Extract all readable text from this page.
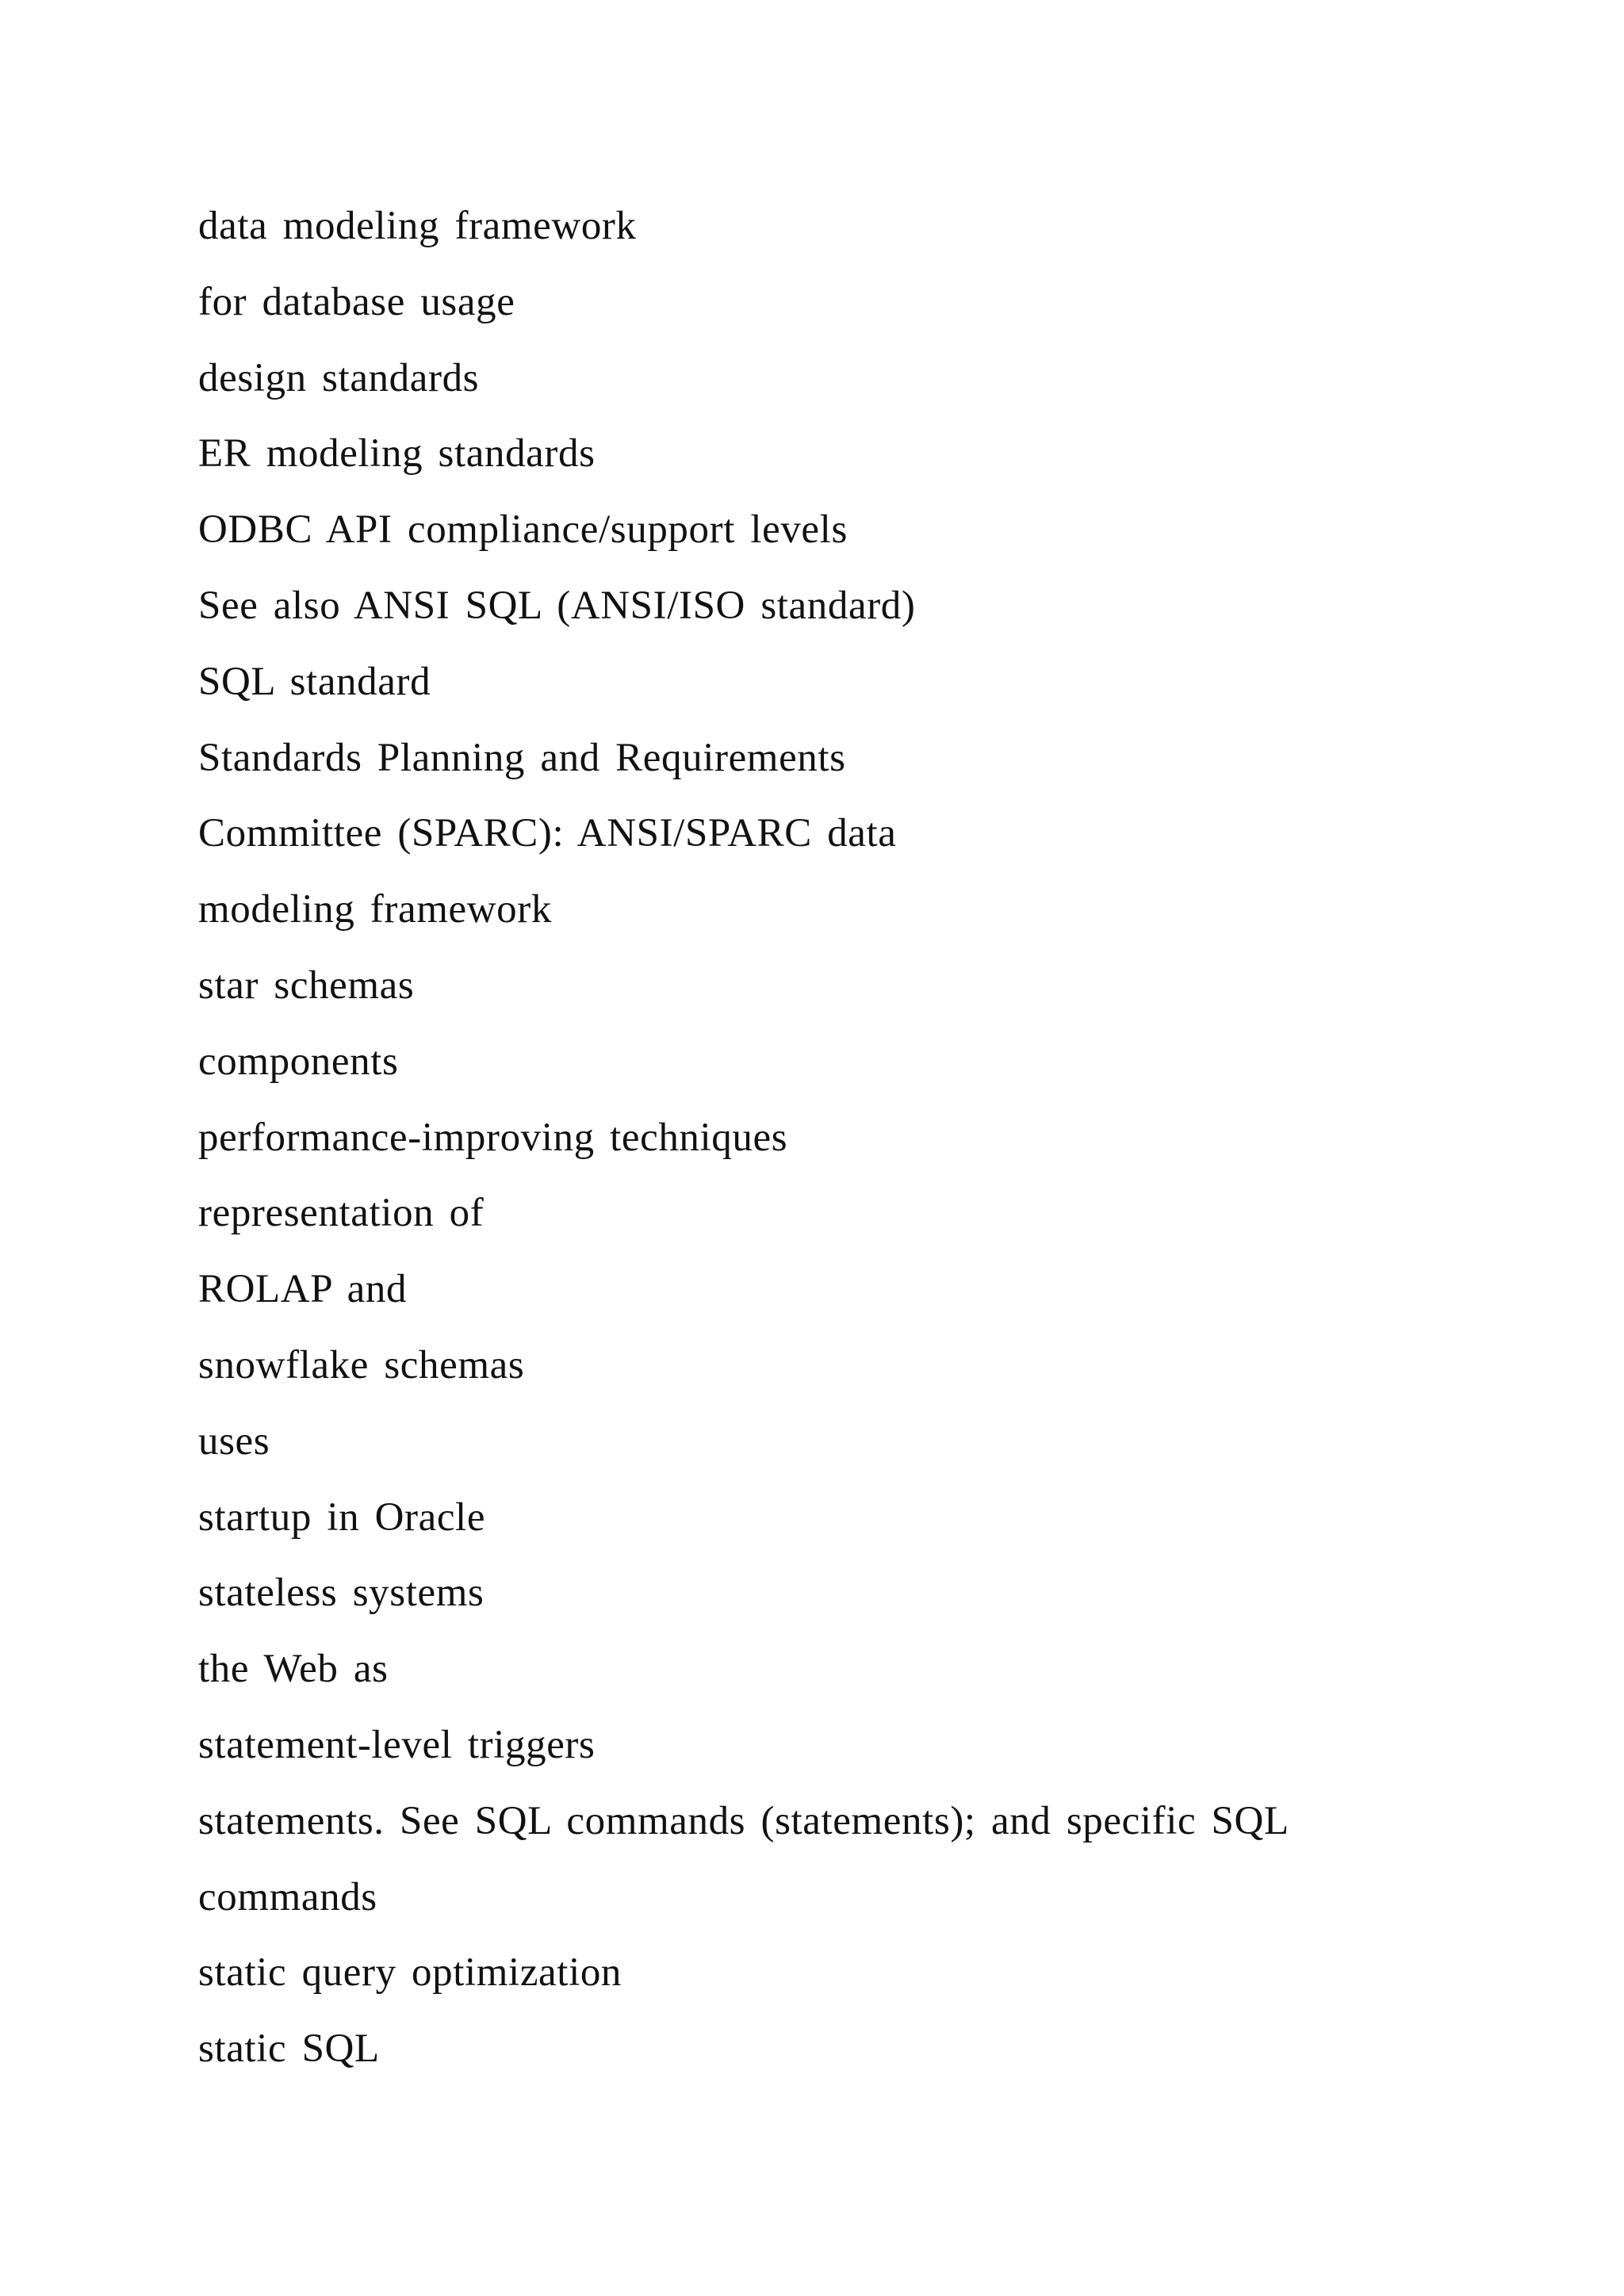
data modeling framework
for database usage
design standards
ER modeling standards
ODBC API compliance/support levels
See also ANSI SQL (ANSI/ISO standard)
SQL standard
Standards Planning and Requirements
Committee (SPARC): ANSI/SPARC data
modeling framework
star schemas
components
performance-improving techniques
representation of
ROLAP and
snowflake schemas
uses
startup in Oracle
stateless systems
the Web as
statement-level triggers
statements. See SQL commands (statements); and specific SQL
commands
static query optimization
static SQL
